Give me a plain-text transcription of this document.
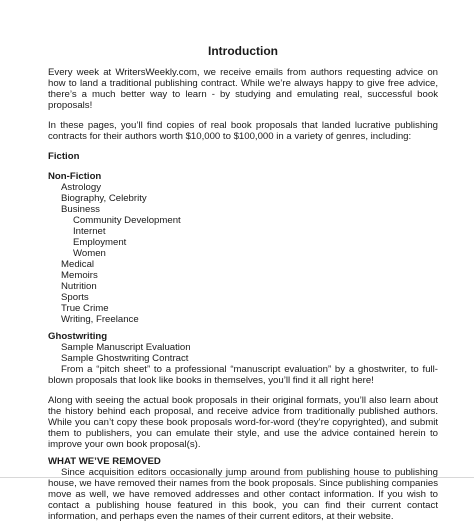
Introduction

Every week at WritersWeekly.com, we receive emails from authors requesting advice on how to land a traditional publishing contract. While we’re always happy to give free advice, there’s a much better way to learn - by studying and emulating real, successful book proposals!

In these pages, you’ll find copies of real book proposals that landed lucrative publishing contracts for their authors worth $10,000 to $100,000 in a variety of genres, including:

Fiction
Non-Fiction
Astrology
Biography, Celebrity
Business
Community Development
Internet
Employment
Women
Medical
Memoirs
Nutrition
Sports
True Crime
Writing, Freelance
Ghostwriting
Sample Manuscript Evaluation
Sample Ghostwriting Contract

From a “pitch sheet” to a professional “manuscript evaluation” by a ghostwriter, to full-blown proposals that look like books in themselves, you’ll find it all right here!

Along with seeing the actual book proposals in their original formats, you’ll also learn about the history behind each proposal, and receive advice from traditionally published authors. While you can’t copy these book proposals word-for-word (they’re copyrighted), and submit them to publishers, you can emulate their style, and use the advice contained herein to improve your own book proposal(s).

WHAT WE’VE REMOVED

Since acquisition editors occasionally jump around from publishing house to publishing house, we have removed their names from the book proposals. Since publishing companies move as well, we have removed addresses and other contact information. If you wish to contact a publishing house featured in this book, you can find their current contact information, and perhaps even the names of their current editors, at their website.
